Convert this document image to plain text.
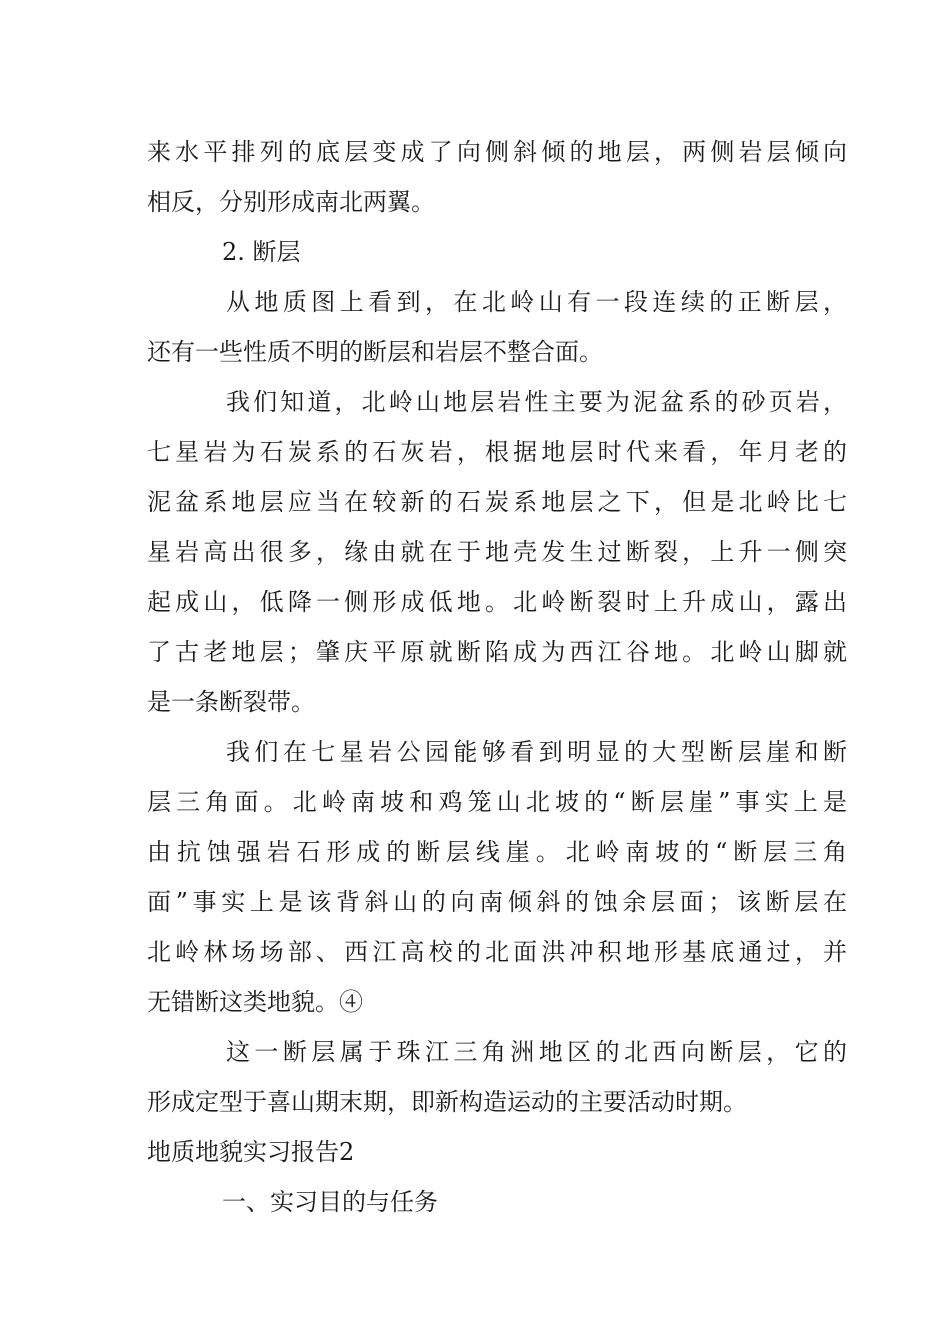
来水平排列的底层变成了向侧斜倾的地层，两侧岩层倾向
相反，分别形成南北两翼。
2. 断层
从地质图上看到，在北岭山有一段连续的正断层，
还有一些性质不明的断层和岩层不整合面。
我们知道，北岭山地层岩性主要为泥盆系的砂页岩，
七星岩为石炭系的石灰岩，根据地层时代来看，年月老的
泥盆系地层应当在较新的石炭系地层之下，但是北岭比七
星岩高出很多，缘由就在于地壳发生过断裂，上升一侧突
起成山，低降一侧形成低地。北岭断裂时上升成山，露出
了古老地层；肇庆平原就断陷成为西江谷地。北岭山脚就
是一条断裂带。
我们在七星岩公园能够看到明显的大型断层崖和断
层三角面。北岭南坡和鸡笼山北坡的“断层崖”事实上是
由抗蚀强岩石形成的断层线崖。北岭南坡的“断层三角
面”事实上是该背斜山的向南倾斜的蚀余层面；该断层在
北岭林场场部、西江高校的北面洪冲积地形基底通过，并
无错断这类地貌。④
这一断层属于珠江三角洲地区的北西向断层，它的
形成定型于喜山期末期，即新构造运动的主要活动时期。
地质地貌实习报告2
一、实习目的与任务
